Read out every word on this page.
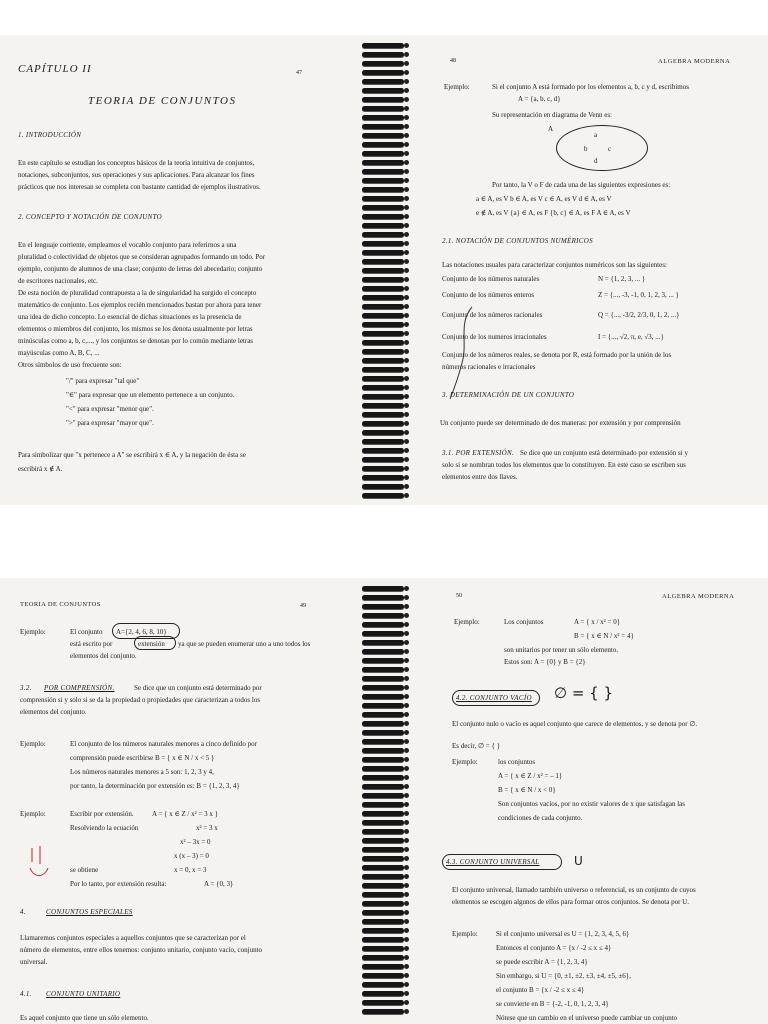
CAPÍTULO II	47
TEORIA DE CONJUNTOS
1. INTRODUCCIÓN
En este capítulo se estudian los conceptos básicos de la teoría intuitiva de conjuntos,
notaciones, subconjuntos, sus operaciones y sus aplicaciones. Para alcanzar los fines
prácticos que nos interesan se completa con bastante cantidad de ejemplos ilustrativos.
2. CONCEPTO Y NOTACIÓN DE CONJUNTO
En el lenguaje corriente, empleamos el vocablo conjunto para referirnos a una
pluralidad o colectividad de objetos que se consideran agrupados formando un todo. Por
ejemplo, conjunto de alumnos de una clase; conjunto de letras del abecedario; conjunto
de escritores nacionales, etc.
De esta noción de pluralidad contrapuesta a la de singularidad ha surgido el concepto
matemático de conjunto. Los ejemplos recién mencionados bastan por ahora para tener
una idea de dicho concepto. Lo esencial de dichas situaciones es la presencia de
elementos o miembros del conjunto, los mismos se los denota usualmente por letras
minúsculas como a, b, c,..., y los conjuntos se denotan por lo común mediante letras
mayúsculas como A, B, C, ...
Otros símbolos de uso frecuente son:
"/" para expresar "tal que"
"∈" para expresar que un elemento pertenece a un conjunto.
"<" para expresar "menor que".
">" para expresar "mayor que".
Para simbolizar que "x pertenece a A" se escribirá x ∈ A, y la negación de ésta se
escribirá x ∉ A.
48	ALGEBRA MODERNA
Ejemplo:	Si el conjunto A está formado por los elementos a, b, c y d, escribimos
A = {a, b, c, d}
Su representación en diagrama de Venn es:
A
a
b	c
d
Por tanto, la V o F de cada una de las siguientes expresiones es:
a ∈ A, es V b ∈ A, es V c ∈ A, es V d ∈ A, es V
e ∉ A, es V {a} ∈ A, es F {b, c} ∈ A, es F A ∈ A, es V
2.1. NOTACIÓN DE CONJUNTOS NUMÉRICOS
Las notaciones usuales para caracterizar conjuntos numéricos son las siguientes:
Conjunto de los números naturales	N = {1, 2, 3, ... }
Conjunto de los números enteros	Z = {..., -3, -1, 0, 1, 2, 3, ... }
Conjunto de los números racionales	Q = {..., -3/2, 2/3, 0, 1, 2, ...}
Conjunto de los numeros irracionales	I = {..., √2, π, e, √3, ...}
Conjunto de los números reales, se denota por R, está formado por la unión de los
números racionales e irracionales
3. DETERMINACIÓN DE UN CONJUNTO
Un conjunto puede ser determinado de dos maneras: por extensión y por comprensión
3.1. POR EXTENSIÓN. Se dice que un conjunto está determinado por extensión si y
solo si se nombran todos los elementos que lo constituyen. En este caso se escriben sus
elementos entre dos llaves.
TEORIA DE CONJUNTOS	49
Ejemplo:	El conjunto A={2, 4, 6, 8, 10}
está escrito por	extensión ya que se pueden enumerar uno a uno todos los
elementos del conjunto.
3.2. POR COMPRENSIÓN.	Se dice que un conjunto está determinado por
comprensión si y solo si se da la propiedad o propiedades que caracterizan a todos los
elementos del conjunto.
Ejemplo:	El conjunto de los números naturales menores a cinco definido por
comprensión puede escribirse B = { x ∈ N / x < 5 }
Los números naturales menores a 5 son: 1, 2, 3 y 4,
por tanto, la determinación por extensión es: B = {1, 2, 3, 4}
Ejemplo:	Escribir por extensión.	A = { x ∈ Z / x² = 3 x }
Resolviendo la ecuación	x² = 3 x
x² – 3x = 0
x (x – 3) = 0
se obtiene	x = 0, x = 3
Por lo tanto, por extensión resulta:	A = {0, 3}
4.	CONJUNTOS ESPECIALES
Llamaremos conjuntos especiales a aquellos conjuntos que se caracterizan por el
número de elementos, entre ellos tenemos: conjunto unitario, conjunto vacío, conjunto
universal.
4.1. CONJUNTO UNITARIO
Es aquel conjunto que tiene un sólo elemento.
50	ALGEBRA MODERNA
Ejemplo:	Los conjuntos	A = { x / x² = 0}
B = { x ∈ N / x² = 4}
son unitarios por tener un sólo elemento.
Estos son: A = {0} y B = {2}
4.2. CONJUNTO VACÍO ∅ = { }
El conjunto nulo o vacío es aquel conjunto que carece de elementos, y se denota por ∅.
Es decir, ∅ = { }
Ejemplo:	los conjuntos
A = { x ∈ Z / x² = – 1}
B = { x ∈ N / x < 0}
Son conjuntos vacíos, por no existir valores de x que satisfagan las
condiciones de cada conjunto.
4.3. CONJUNTO UNIVERSAL	U
El conjunto universal, llamado también universo o referencial, es un conjunto de cuyos
elementos se escogen algunos de ellos para formar otros conjuntos. Se denota por U.
Ejemplo:	Si el conjunto universal es U = {1, 2, 3, 4, 5, 6}
Entonces el conjunto A = {x / -2 ≤ x ≤ 4}
se puede escribir A = {1, 2, 3, 4}
Sin embargo, si U = {0, ±1, ±2, ±3, ±4, ±5, ±6},
el conjunto B = {x / -2 ≤ x ≤ 4}
se convierte en B = {-2, -1, 0, 1, 2, 3, 4}
Nótese que un cambio en el universo puede cambiar un conjunto
